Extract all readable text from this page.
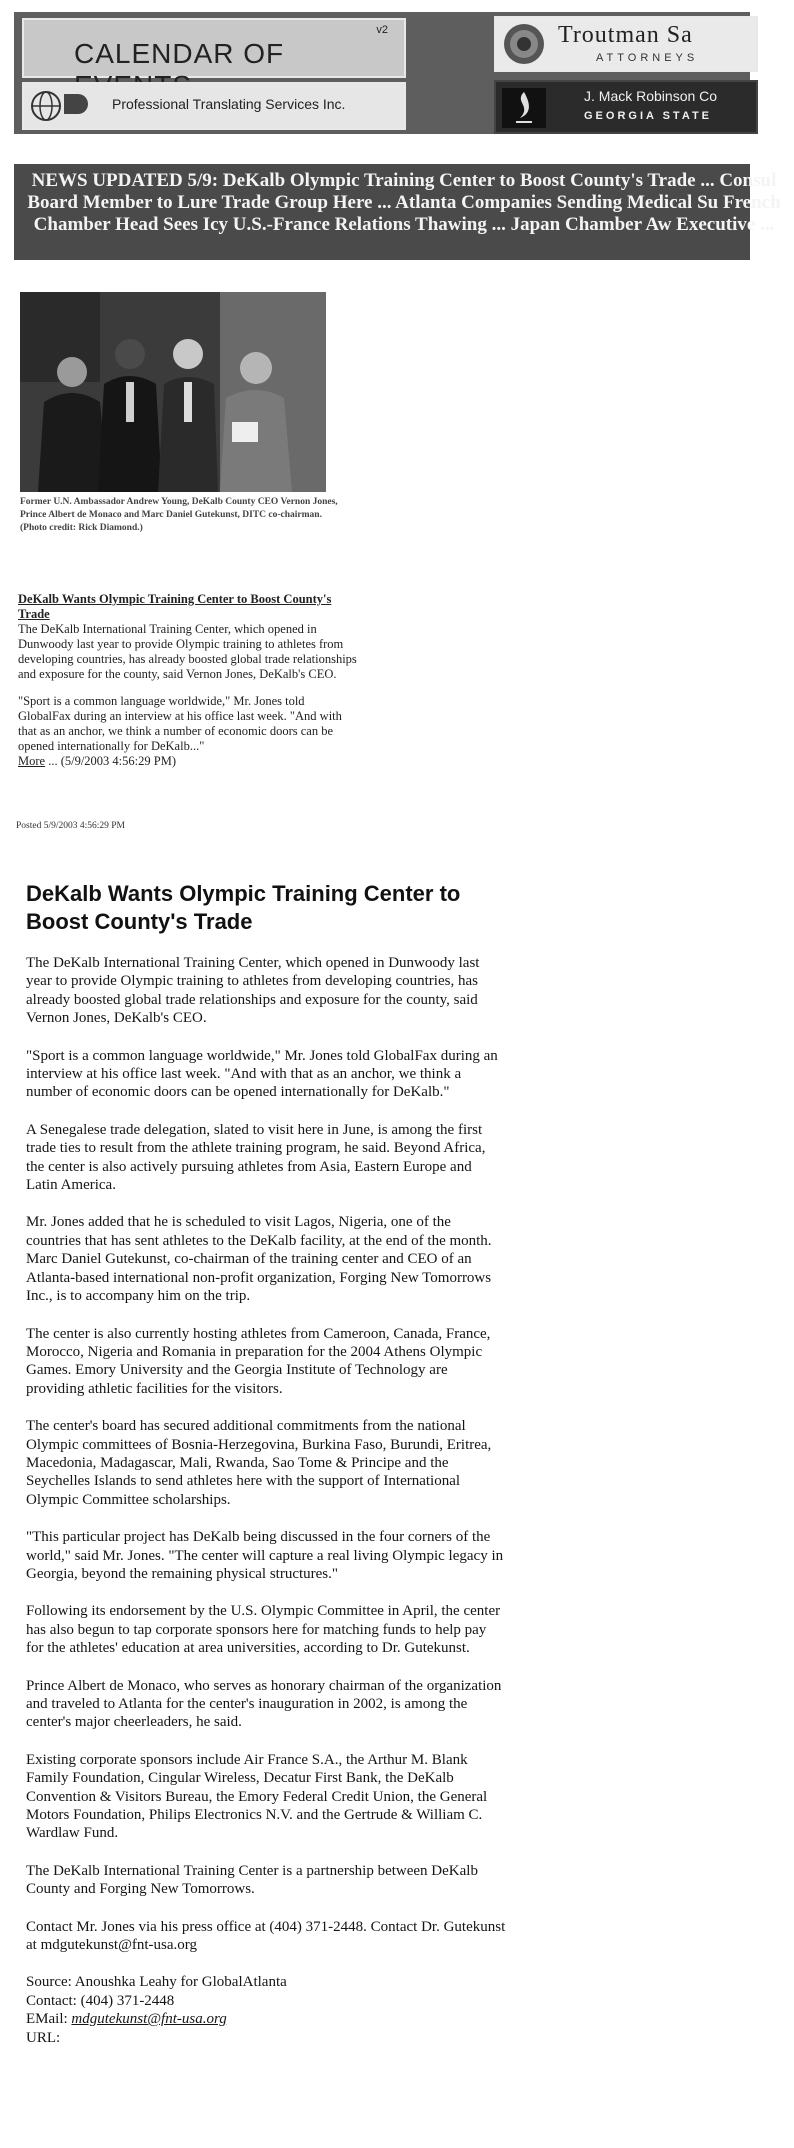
CALENDAR OF
v2
Professional Translating Services Inc.
Troutman Sa
ATTORNEYS
J. Mack Robinson Co
GEORGIA STATE
NEWS UPDATED 5/9: DeKalb Olympic Training Center to Boost County's Trade ... Consul Board Member to Lure Trade Group Here ... Atlanta Companies Sending Medical Su French Chamber Head Sees Icy U.S.-France Relations Thawing ... Japan Chamber Aw Executive ...
Former U.N. Ambassador Andrew Young, DeKalb County CEO Vernon Jones, Prince Albert de Monaco and Marc Daniel Gutekunst, DITC co-chairman. (Photo credit: Rick Diamond.)
DeKalb Wants Olympic Training Center to Boost County's Trade

The DeKalb International Training Center, which opened in Dunwoody last year to provide Olympic training to athletes from developing countries, has already boosted global trade relationships and exposure for the county, said Vernon Jones, DeKalb's CEO.

"Sport is a common language worldwide," Mr. Jones told GlobalFax during an interview at his office last week. "And with that as an anchor, we think a number of economic doors can be opened internationally for DeKalb..."
More ... (5/9/2003 4:56:29 PM)

Posted 5/9/2003 4:56:29 PM
DeKalb Wants Olympic Training Center to Boost County's Trade

The DeKalb International Training Center, which opened in Dunwoody last year to provide Olympic training to athletes from developing countries, has already boosted global trade relationships and exposure for the county, said Vernon Jones, DeKalb's CEO.

"Sport is a common language worldwide," Mr. Jones told GlobalFax during an interview at his office last week. "And with that as an anchor, we think a number of economic doors can be opened internationally for DeKalb."

A Senegalese trade delegation, slated to visit here in June, is among the first trade ties to result from the athlete training program, he said. Beyond Africa, the center is also actively pursuing athletes from Asia, Eastern Europe and Latin America.

Mr. Jones added that he is scheduled to visit Lagos, Nigeria, one of the countries that has sent athletes to the DeKalb facility, at the end of the month. Marc Daniel Gutekunst, co-chairman of the training center and CEO of an Atlanta-based international non-profit organization, Forging New Tomorrows Inc., is to accompany him on the trip.

The center is also currently hosting athletes from Cameroon, Canada, France, Morocco, Nigeria and Romania in preparation for the 2004 Athens Olympic Games. Emory University and the Georgia Institute of Technology are providing athletic facilities for the visitors.

The center's board has secured additional commitments from the national Olympic committees of Bosnia-Herzegovina, Burkina Faso, Burundi, Eritrea, Macedonia, Madagascar, Mali, Rwanda, Sao Tome & Principe and the Seychelles Islands to send athletes here with the support of International Olympic Committee scholarships.

"This particular project has DeKalb being discussed in the four corners of the world," said Mr. Jones. "The center will capture a real living Olympic legacy in Georgia, beyond the remaining physical structures."

Following its endorsement by the U.S. Olympic Committee in April, the center has also begun to tap corporate sponsors here for matching funds to help pay for the athletes' education at area universities, according to Dr. Gutekunst.

Prince Albert de Monaco, who serves as honorary chairman of the organization and traveled to Atlanta for the center's inauguration in 2002, is among the center's major cheerleaders, he said.

Existing corporate sponsors include Air France S.A., the Arthur M. Blank Family Foundation, Cingular Wireless, Decatur First Bank, the DeKalb Convention & Visitors Bureau, the Emory Federal Credit Union, the General Motors Foundation, Philips Electronics N.V. and the Gertrude & William C. Wardlaw Fund.

The DeKalb International Training Center is a partnership between DeKalb County and Forging New Tomorrows.

Contact Mr. Jones via his press office at (404) 371-2448. Contact Dr. Gutekunst at mdgutekunst@fnt-usa.org

Source: Anoushka Leahy for GlobalAtlanta

Contact: (404) 371-2448

EMail: mdgutekunst@fnt-usa.org

URL:
